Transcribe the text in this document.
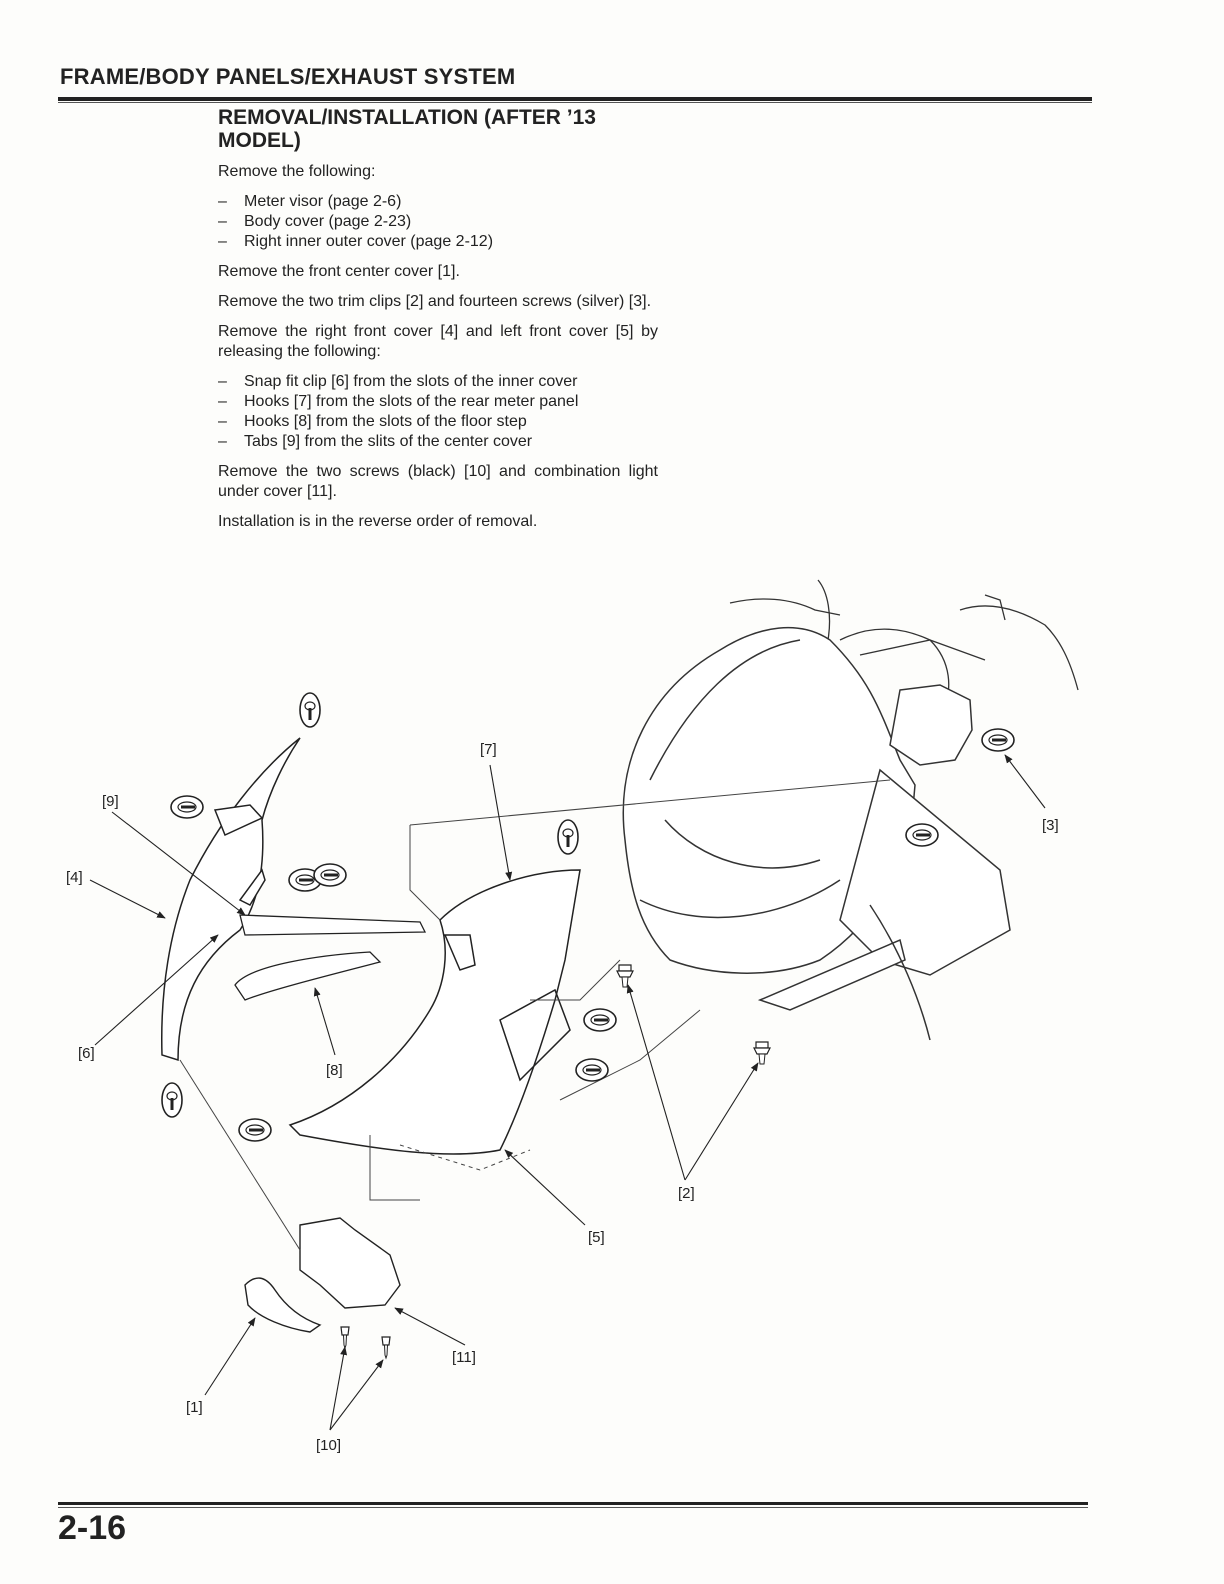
FRAME/BODY PANELS/EXHAUST SYSTEM
REMOVAL/INSTALLATION (AFTER ’13 MODEL)

Remove the following:

– Meter visor (page 2-6)
– Body cover (page 2-23)
– Right inner outer cover (page 2-12)

Remove the front center cover [1].

Remove the two trim clips [2] and fourteen screws (silver) [3].

Remove the right front cover [4] and left front cover [5] by releasing the following:

– Snap fit clip [6] from the slots of the inner cover
– Hooks [7] from the slots of the rear meter panel
– Hooks [8] from the slots of the floor step
– Tabs [9] from the slits of the center cover

Remove the two screws (black) [10] and combination light under cover [11].

Installation is in the reverse order of removal.

[1]
[2]
[3]
[4]
[5]
[6]
[7]
[8]
[9]
[10]
[11]

2-16
